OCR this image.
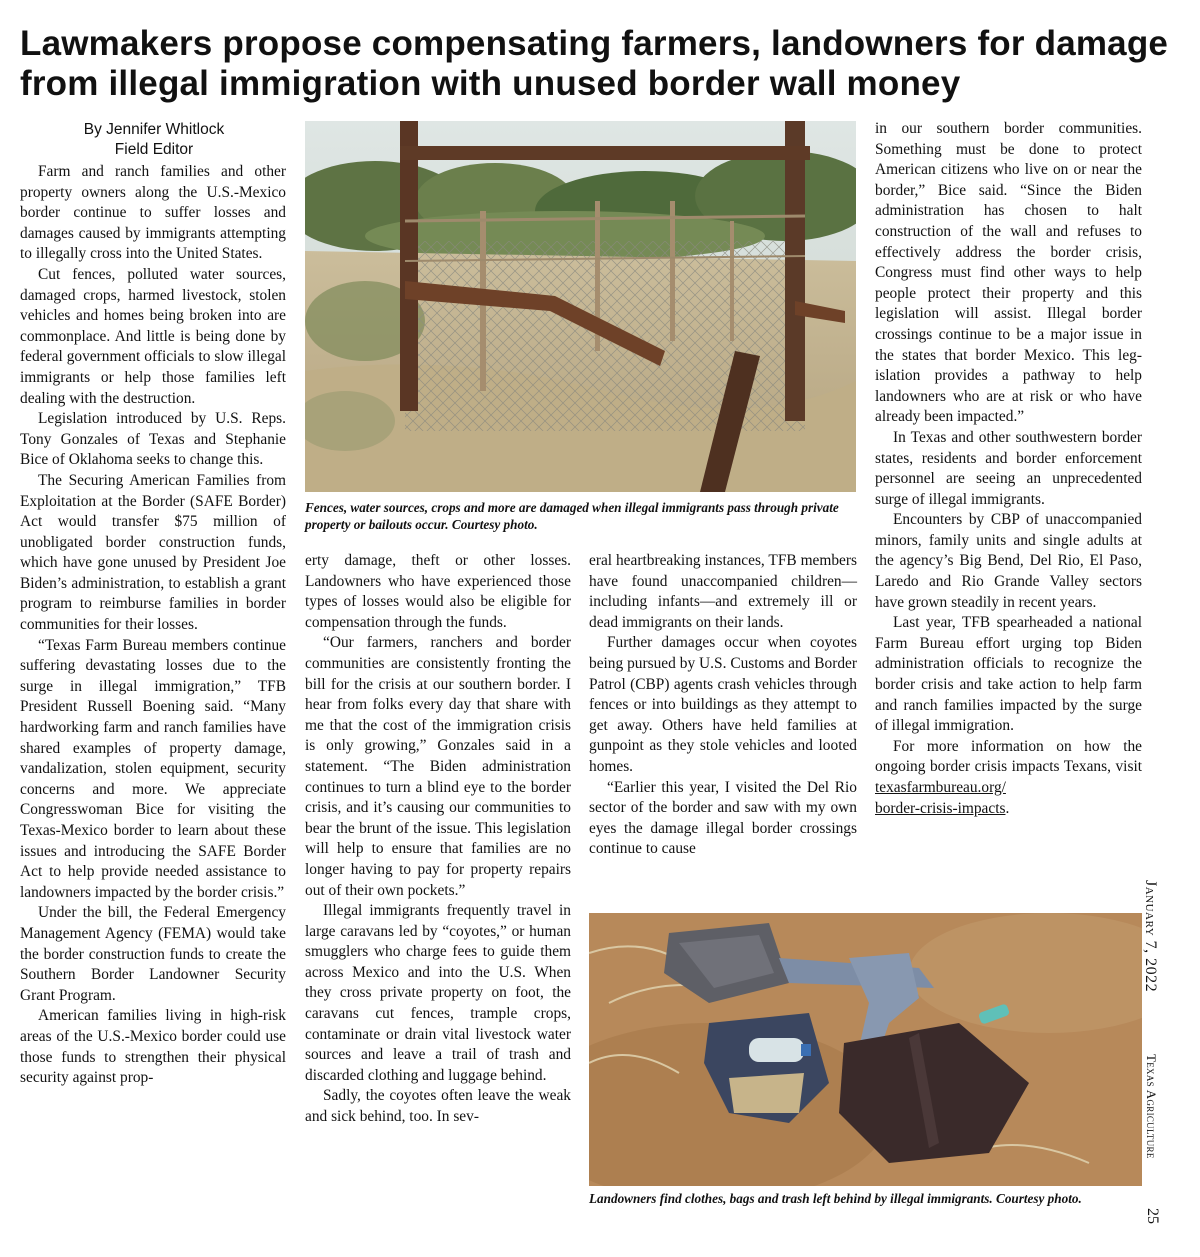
Lawmakers propose compensating farmers, landowners for damage from illegal immigration with unused border wall money
By Jennifer Whitlock
Field Editor

Farm and ranch families and other property owners along the U.S.-Mexico border continue to suffer losses and damages caused by immigrants attempting to illegally cross into the United States.

Cut fences, polluted water sources, damaged crops, harmed livestock, stolen vehicles and homes being broken into are commonplace. And little is being done by federal government officials to slow illegal immigrants or help those families left dealing with the destruction.

Legislation introduced by U.S. Reps. Tony Gonzales of Texas and Stephanie Bice of Oklahoma seeks to change this.

The Securing American Families from Exploitation at the Border (SAFE Border) Act would transfer $75 million of unobligated border construction funds, which have gone unused by President Joe Biden’s administration, to establish a grant program to reimburse families in border communities for their losses.

“Texas Farm Bureau members continue suffering devastating losses due to the surge in illegal immigration,” TFB President Russell Boening said. “Many hardworking farm and ranch families have shared examples of property damage, vandalization, stolen equipment, security concerns and more. We appreciate Congresswoman Bice for visiting the Texas-Mexico border to learn about these issues and introducing the SAFE Border Act to help provide needed assistance to landowners impacted by the border crisis.”

Under the bill, the Federal Emergency Management Agency (FEMA) would take the border construction funds to create the Southern Border Landowner Security Grant Program.

American families living in high-risk areas of the U.S.-Mexico border could use those funds to strengthen their physical security against prop-

Fences, water sources, crops and more are damaged when illegal immigrants pass through private property or bailouts occur. Courtesy photo.

erty damage, theft or other losses. Landowners who have experienced those types of losses would also be eligible for compensation through the funds.

“Our farmers, ranchers and border communities are consistently fronting the bill for the crisis at our southern border. I hear from folks every day that share with me that the cost of the immigration crisis is only growing,” Gonzales said in a statement. “The Biden administration continues to turn a blind eye to the border crisis, and it’s causing our communities to bear the brunt of the issue. This legislation will help to ensure that families are no longer having to pay for property repairs out of their own pockets.”

Illegal immigrants frequently travel in large caravans led by “coyotes,” or human smugglers who charge fees to guide them across Mexico and into the U.S. When they cross private property on foot, the caravans cut fences, trample crops, contaminate or drain vital livestock water sources and leave a trail of trash and discarded clothing and luggage behind.

Sadly, the coyotes often leave the weak and sick behind, too. In sev-

eral heartbreaking instances, TFB members have found unaccompanied children—including infants—and extremely ill or dead immigrants on their lands.

Further damages occur when coyotes being pursued by U.S. Customs and Border Patrol (CBP) agents crash vehicles through fences or into buildings as they attempt to get away. Others have held families at gunpoint as they stole vehicles and looted homes.

“Earlier this year, I visited the Del Rio sector of the border and saw with my own eyes the damage illegal border crossings continue to cause

in our southern border communities. Something must be done to protect American citizens who live on or near the border,” Bice said. “Since the Biden administration has chosen to halt construction of the wall and refuses to effectively address the border crisis, Congress must find other ways to help people protect their property and this legislation will assist. Illegal border crossings continue to be a major issue in the states that border Mexico. This legislation provides a pathway to help landowners who are at risk or who have already been impacted.”

In Texas and other southwestern border states, residents and border enforcement personnel are seeing an unprecedented surge of illegal immigrants.

Encounters by CBP of unaccompanied minors, family units and single adults at the agency’s Big Bend, Del Rio, El Paso, Laredo and Rio Grande Valley sectors have grown steadily in recent years.

Last year, TFB spearheaded a national Farm Bureau effort urging top Biden administration officials to recognize the border crisis and take action to help farm and ranch families impacted by the surge of illegal immigration.

For more information on how the ongoing border crisis impacts Texans, visit texasfarmbureau.org/
border-crisis-impacts.

Landowners find clothes, bags and trash left behind by illegal immigrants. Courtesy photo.
January 7, 2022
Texas Agriculture
25
